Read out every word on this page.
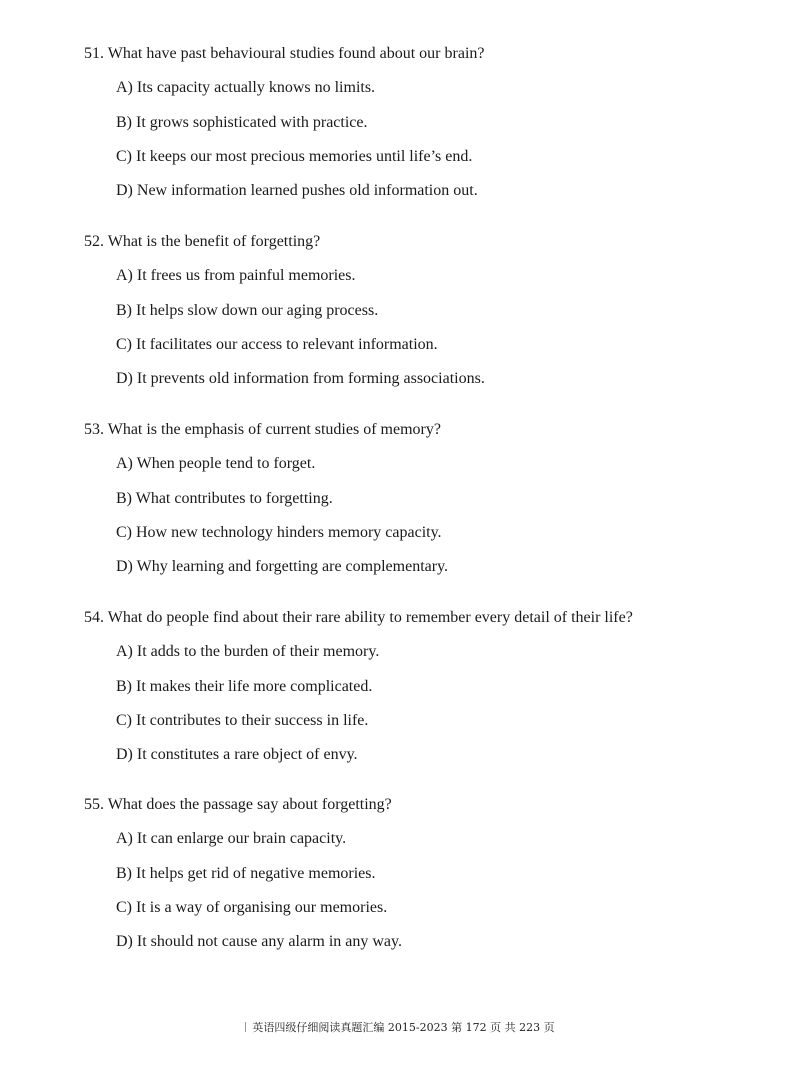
51. What have past behavioural studies found about our brain?
A) Its capacity actually knows no limits.
B) It grows sophisticated with practice.
C) It keeps our most precious memories until life’s end.
D) New information learned pushes old information out.
52. What is the benefit of forgetting?
A) It frees us from painful memories.
B) It helps slow down our aging process.
C) It facilitates our access to relevant information.
D) It prevents old information from forming associations.
53. What is the emphasis of current studies of memory?
A) When people tend to forget.
B) What contributes to forgetting.
C) How new technology hinders memory capacity.
D) Why learning and forgetting are complementary.
54. What do people find about their rare ability to remember every detail of their life?
A) It adds to the burden of their memory.
B) It makes their life more complicated.
C) It contributes to their success in life.
D) It constitutes a rare object of envy.
55. What does the passage say about forgetting?
A) It can enlarge our brain capacity.
B) It helps get rid of negative memories.
C) It is a way of organising our memories.
D) It should not cause any alarm in any way.
英语四级仔细阅读真题汇编 2015-2023 第 172 页 共 223 页
